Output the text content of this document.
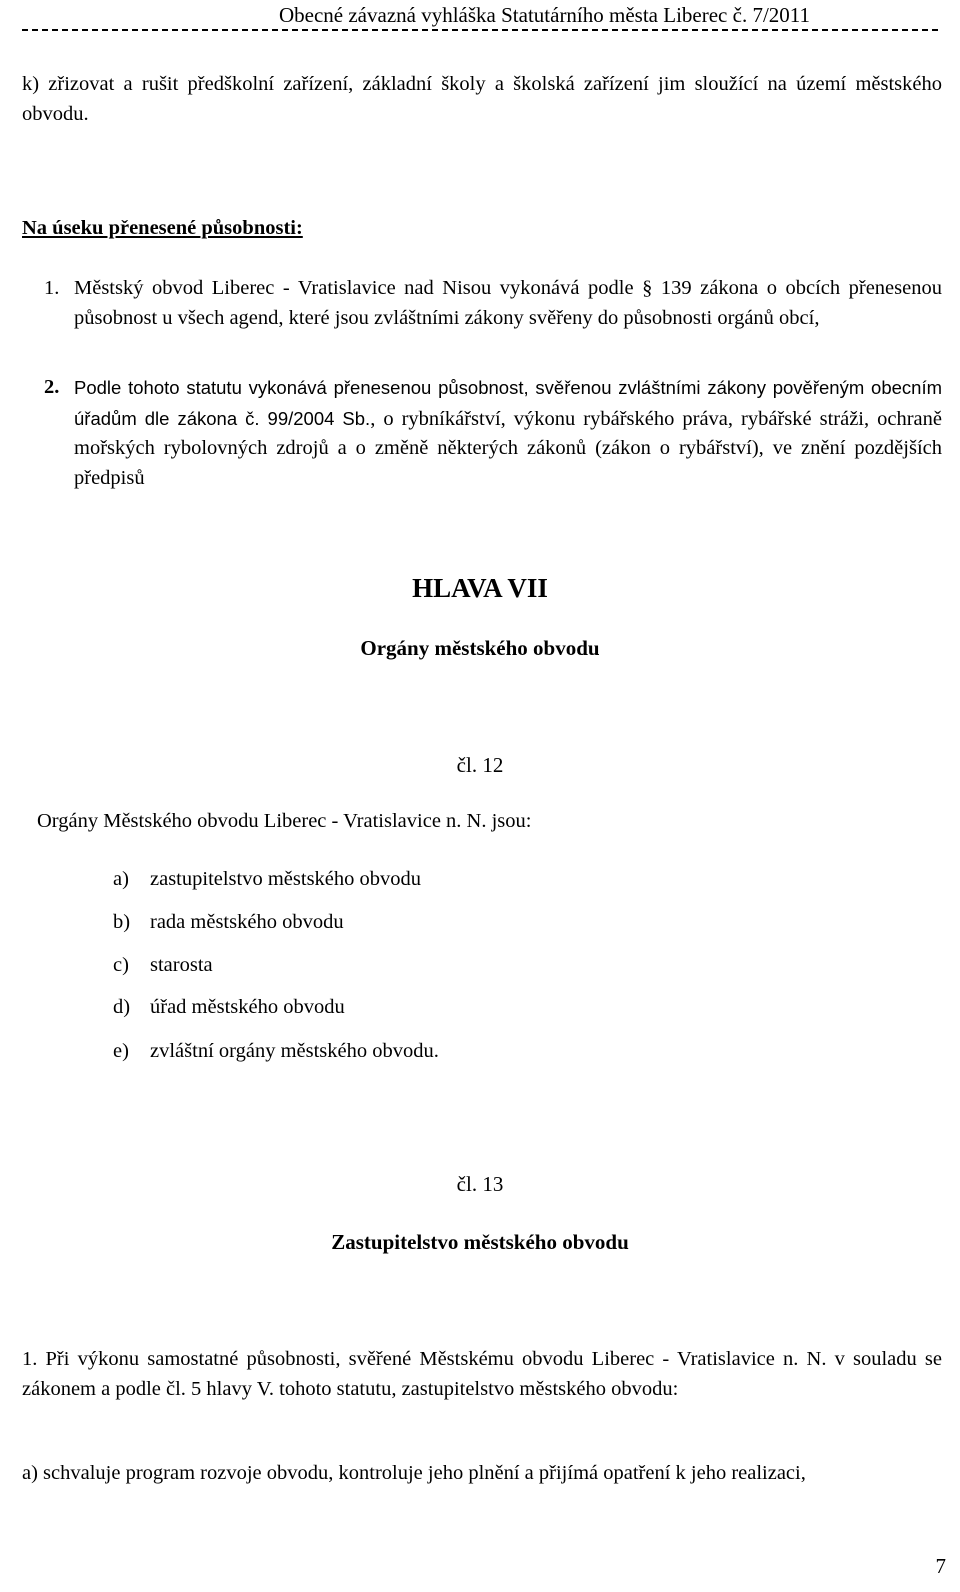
Obecné závazná vyhláška Statutárního města Liberec č. 7/2011
k) zřizovat a rušit předškolní zařízení, základní školy a školská zařízení jim sloužící na území městského obvodu.
Na úseku přenesené působnosti:
1. Městský obvod Liberec - Vratislavice nad Nisou vykonává podle § 139 zákona o obcích přenesenou působnost u všech agend, které jsou zvláštními zákony svěřeny do působnosti orgánů obcí,
2. Podle tohoto statutu vykonává přenesenou působnost, svěřenou zvláštními zákony pověřeným obecním úřadům dle zákona č. 99/2004 Sb., o rybníkářství, výkonu rybářského práva, rybářské stráži, ochraně mořských rybolovných zdrojů a o změně některých zákonů (zákon o rybářství), ve znění pozdějších předpisů
HLAVA VII
Orgány městského obvodu
čl. 12
Orgány Městského obvodu Liberec - Vratislavice n. N. jsou:
a) zastupitelstvo městského obvodu
b) rada městského obvodu
c) starosta
d) úřad městského obvodu
e) zvláštní orgány městského obvodu.
čl. 13
Zastupitelstvo městského obvodu
1. Při výkonu samostatné působnosti, svěřené Městskému obvodu Liberec - Vratislavice n. N. v souladu se zákonem a podle čl. 5 hlavy V. tohoto statutu, zastupitelstvo městského obvodu:
a) schvaluje program rozvoje obvodu, kontroluje jeho plnění a přijímá opatření k jeho realizaci,
7
